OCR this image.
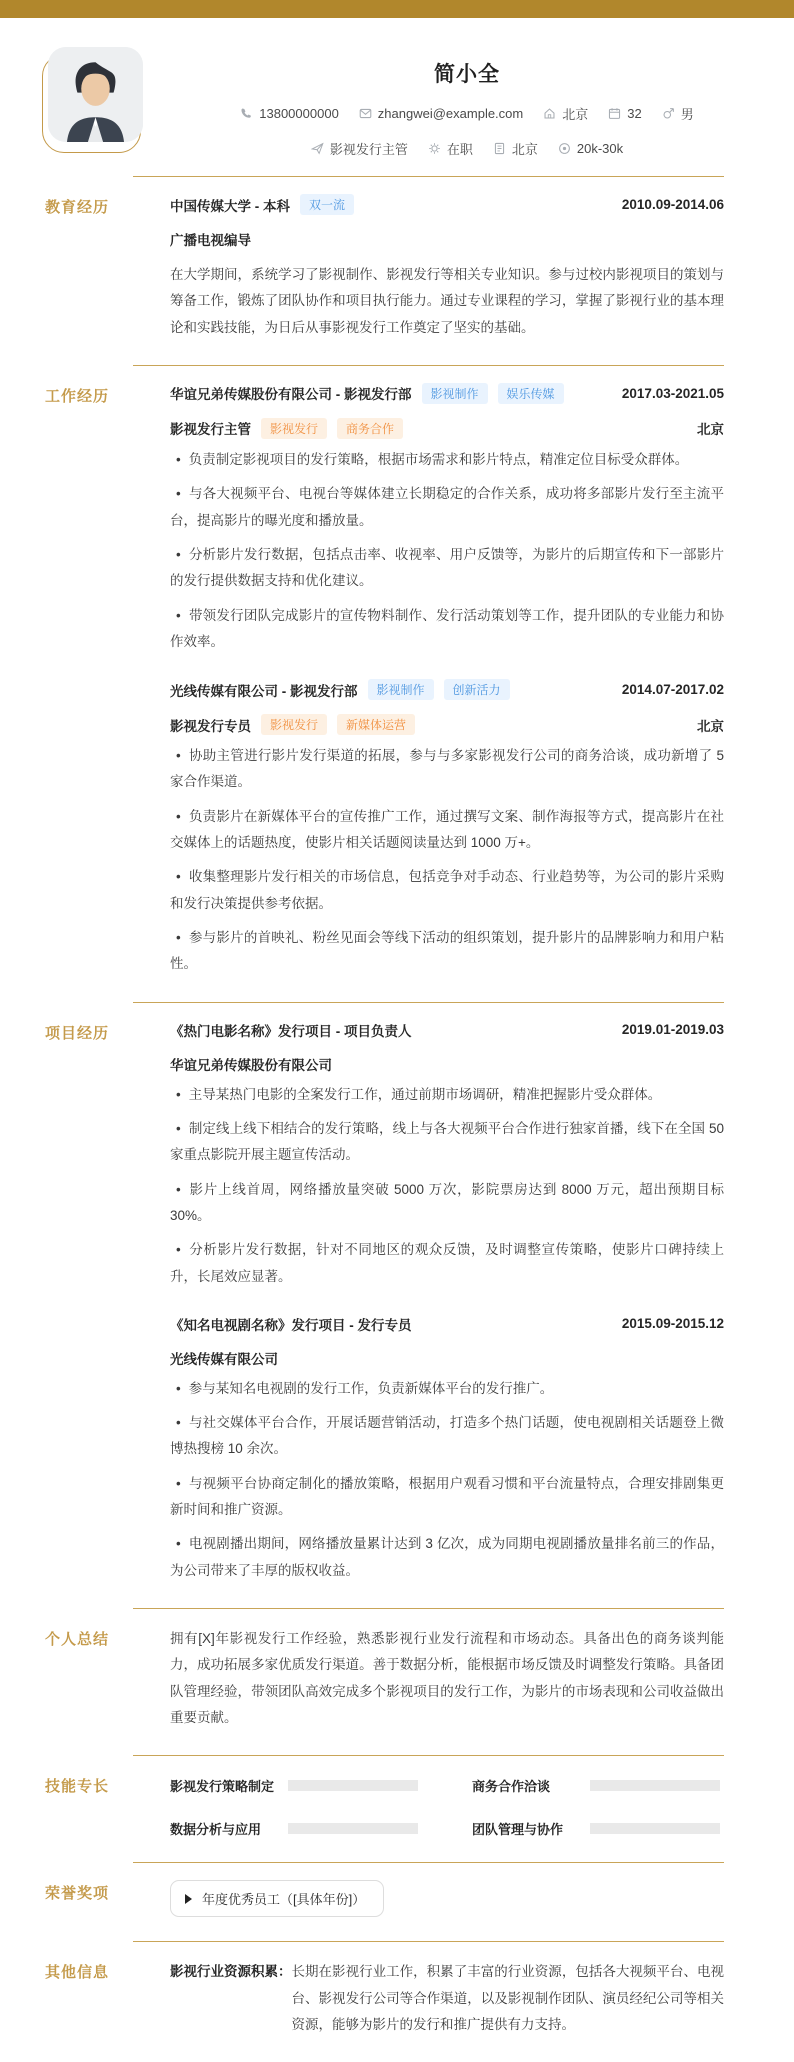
简小全
13800000000	zhangwei@example.com	北京	32	男
影视发行主管	在职	北京	20k-30k
教育经历	中国传媒大学 - 本科	双一流	2010.09-2014.06
广播电视编导
在大学期间，系统学习了影视制作、影视发行等相关专业知识。参与过校内影视项目的策划与筹备工作，锻炼了团队协作和项目执行能力。通过专业课程的学习，掌握了影视行业的基本理论和实践技能，为日后从事影视发行工作奠定了坚实的基础。
工作经历	华谊兄弟传媒股份有限公司 - 影视发行部	影视制作	娱乐传媒	2017.03-2021.05
影视发行主管	影视发行	商务合作	北京
• 负责制定影视项目的发行策略，根据市场需求和影片特点，精准定位目标受众群体。
• 与各大视频平台、电视台等媒体建立长期稳定的合作关系，成功将多部影片发行至主流平台，提高影片的曝光度和播放量。
• 分析影片发行数据，包括点击率、收视率、用户反馈等，为影片的后期宣传和下一部影片的发行提供数据支持和优化建议。
• 带领发行团队完成影片的宣传物料制作、发行活动策划等工作，提升团队的专业能力和协作效率。
光线传媒有限公司 - 影视发行部	影视制作	创新活力	2014.07-2017.02
影视发行专员	影视发行	新媒体运营	北京
• 协助主管进行影片发行渠道的拓展，参与与多家影视发行公司的商务洽谈，成功新增了 5 家合作渠道。
• 负责影片在新媒体平台的宣传推广工作，通过撰写文案、制作海报等方式，提高影片在社交媒体上的话题热度，使影片相关话题阅读量达到 1000 万+。
• 收集整理影片发行相关的市场信息，包括竞争对手动态、行业趋势等，为公司的影片采购和发行决策提供参考依据。
• 参与影片的首映礼、粉丝见面会等线下活动的组织策划，提升影片的品牌影响力和用户粘性。
项目经历	《热门电影名称》发行项目 - 项目负责人	2019.01-2019.03
华谊兄弟传媒股份有限公司
• 主导某热门电影的全案发行工作，通过前期市场调研，精准把握影片受众群体。
• 制定线上线下相结合的发行策略，线上与各大视频平台合作进行独家首播，线下在全国 50 家重点影院开展主题宣传活动。
• 影片上线首周，网络播放量突破 5000 万次，影院票房达到 8000 万元，超出预期目标 30%。
• 分析影片发行数据，针对不同地区的观众反馈，及时调整宣传策略，使影片口碑持续上升，长尾效应显著。
《知名电视剧名称》发行项目 - 发行专员	2015.09-2015.12
光线传媒有限公司
• 参与某知名电视剧的发行工作，负责新媒体平台的发行推广。
• 与社交媒体平台合作，开展话题营销活动，打造多个热门话题，使电视剧相关话题登上微博热搜榜 10 余次。
• 与视频平台协商定制化的播放策略，根据用户观看习惯和平台流量特点，合理安排剧集更新时间和推广资源。
• 电视剧播出期间，网络播放量累计达到 3 亿次，成为同期电视剧播放量排名前三的作品，为公司带来了丰厚的版权收益。
个人总结	拥有[X]年影视发行工作经验，熟悉影视行业发行流程和市场动态。具备出色的商务谈判能力，成功拓展多家优质发行渠道。善于数据分析，能根据市场反馈及时调整发行策略。具备团队管理经验，带领团队高效完成多个影视项目的发行工作，为影片的市场表现和公司收益做出重要贡献。
技能专长	影视发行策略制定	商务合作洽谈
数据分析与应用	团队管理与协作
荣誉奖项	年度优秀员工（[具体年份]）
其他信息	影视行业资源积累： 长期在影视行业工作，积累了丰富的行业资源，包括各大视频平台、电视台、影视发行公司等合作渠道，以及影视制作团队、演员经纪公司等相关资源，能够为影片的发行和推广提供有力支持。
